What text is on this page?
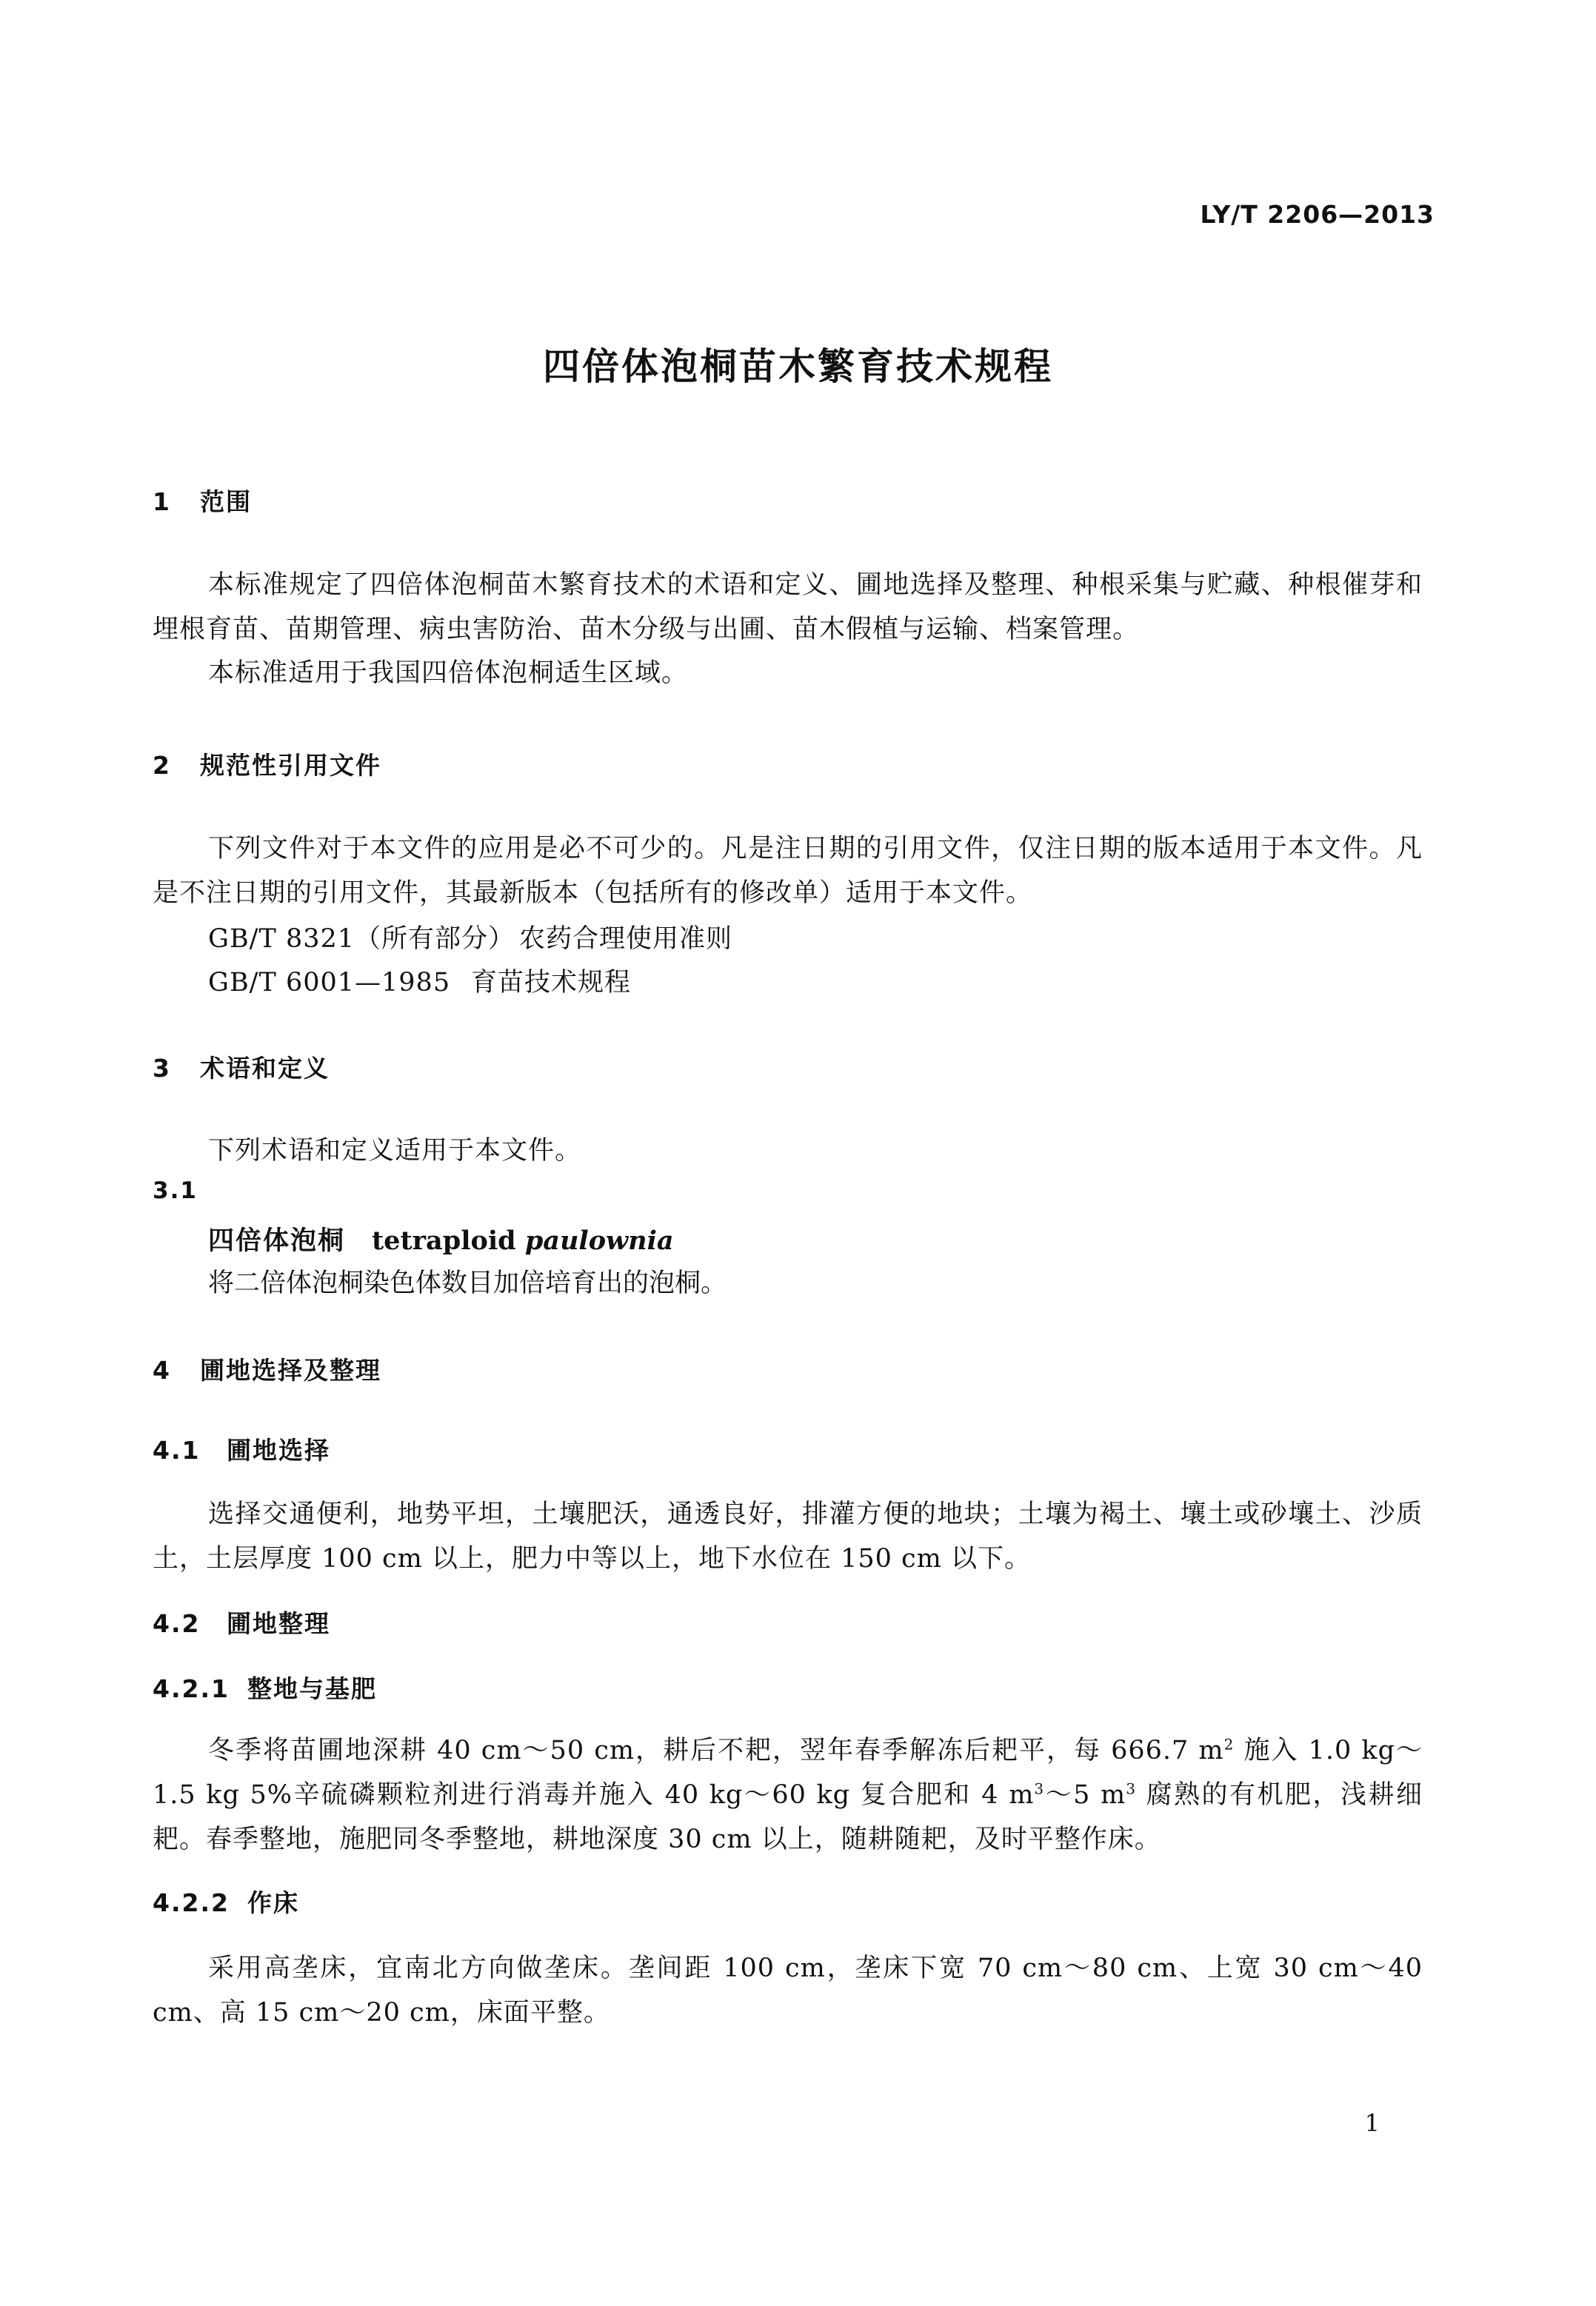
LY/T 2206—2013
四倍体泡桐苗木繁育技术规程
1 范围

本标准规定了四倍体泡桐苗木繁育技术的术语和定义、圃地选择及整理、种根采集与贮藏、种根催芽和埋根育苗、苗期管理、病虫害防治、苗木分级与出圃、苗木假植与运输、档案管理。

本标准适用于我国四倍体泡桐适生区域。

2 规范性引用文件

下列文件对于本文件的应用是必不可少的。凡是注日期的引用文件，仅注日期的版本适用于本文件。凡是不注日期的引用文件，其最新版本（包括所有的修改单）适用于本文件。

GB/T 8321（所有部分） 农药合理使用准则
GB/T 6001—1985 育苗技术规程
3 术语和定义

下列术语和定义适用于本文件。

3.1
四倍体泡桐 tetraploid paulownia
将二倍体泡桐染色体数目加倍培育出的泡桐。
4 圃地选择及整理
4.1 圃地选择

选择交通便利，地势平坦，土壤肥沃，通透良好，排灌方便的地块；土壤为褐土、壤土或砂壤土、沙质土，土层厚度 100 cm 以上，肥力中等以上，地下水位在 150 cm 以下。

4.2 圃地整理
4.2.1 整地与基肥

冬季将苗圃地深耕 40 cm～50 cm，耕后不耙，翌年春季解冻后耙平，每 666.7 $m^2$ 施入 1.0 kg～1.5 kg 5%辛硫磷颗粒剂进行消毒并施入 40 kg～60 kg 复合肥和 4 $m^3\sim 5$ $m^3$ 腐熟的有机肥，浅耕细耙。春季整地，施肥同冬季整地，耕地深度 30 cm 以上，随耕随耙，及时平整作床。

4.2.2 作床

采用高垄床，宜南北方向做垄床。垄间距 100 cm，垄床下宽 70 cm～80 cm、上宽 30 cm～40 cm、高 15 cm～20 cm，床面平整。

1
